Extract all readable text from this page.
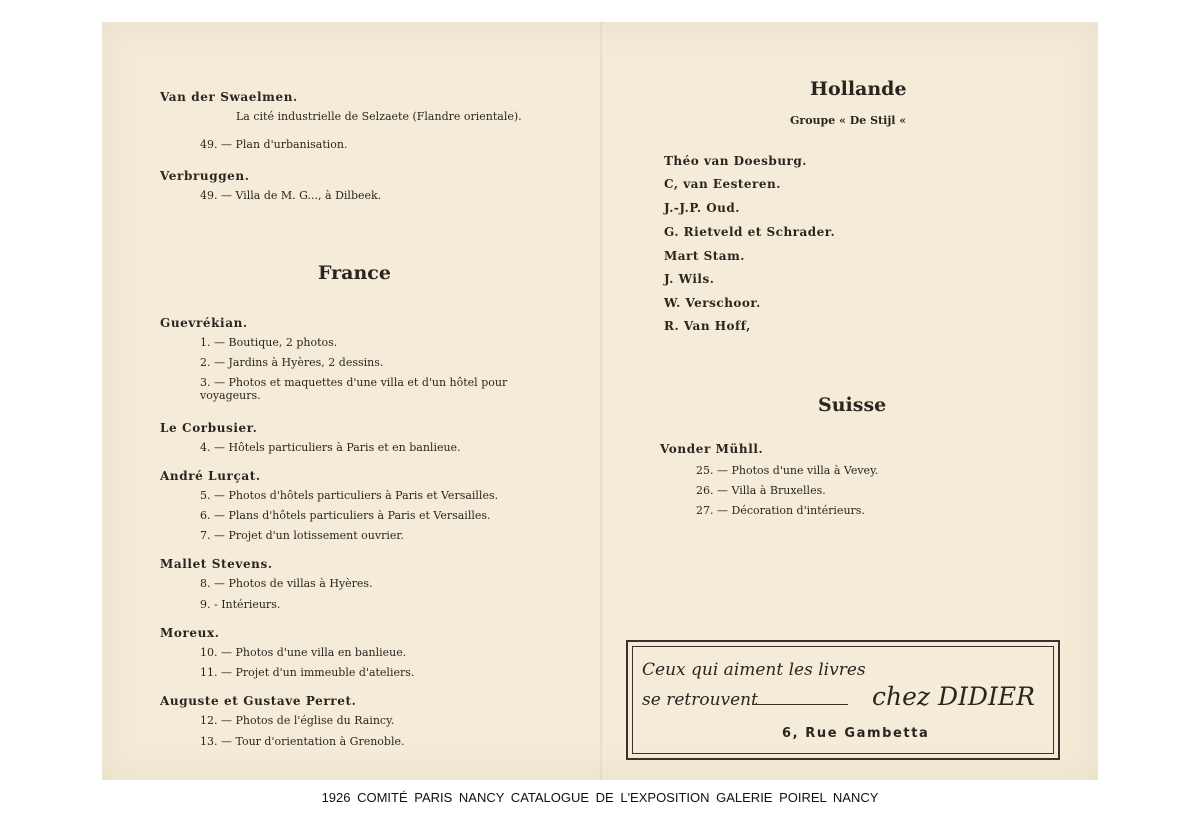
Van der Swaelmen.
La cité industrielle de Selzaete (Flandre orientale).
49. — Plan d'urbanisation.
Verbruggen.
49. — Villa de M. G..., à Dilbeek.
France
Guevrékian.
1. — Boutique, 2 photos.
2. — Jardins à Hyères, 2 dessins.
3. — Photos et maquettes d'une villa et d'un hôtel pour voyageurs.
Le Corbusier.
4. — Hôtels particuliers à Paris et en banlieue.
André Lurçat.
5. — Photos d'hôtels particuliers à Paris et Versailles.
6. — Plans d'hôtels particuliers à Paris et Versailles.
7. — Projet d'un lotissement ouvrier.
Mallet Stevens.
8. — Photos de villas à Hyères.
9. - Intérieurs.
Moreux.
10. — Photos d'une villa en banlieue.
11. — Projet d'un immeuble d'ateliers.
Auguste et Gustave Perret.
12. — Photos de l'église du Raincy.
13. — Tour d'orientation à Grenoble.
Hollande
Groupe « De Stijl «
Théo van Doesburg.
C, van Eesteren.
J.-J.P. Oud.
G. Rietveld et Schrader.
Mart Stam.
J. Wils.
W. Verschoor.
R. Van Hoff,
Suisse
Vonder Mühll.
25. — Photos d'une villa à Vevey.
26. — Villa à Bruxelles.
27. — Décoration d'intérieurs.
Ceux qui aiment les livres
se retrouvent	chez DIDIER
6, Rue Gambetta
1926 COMITÉ PARIS NANCY CATALOGUE DE L'EXPOSITION GALERIE POIREL NANCY
